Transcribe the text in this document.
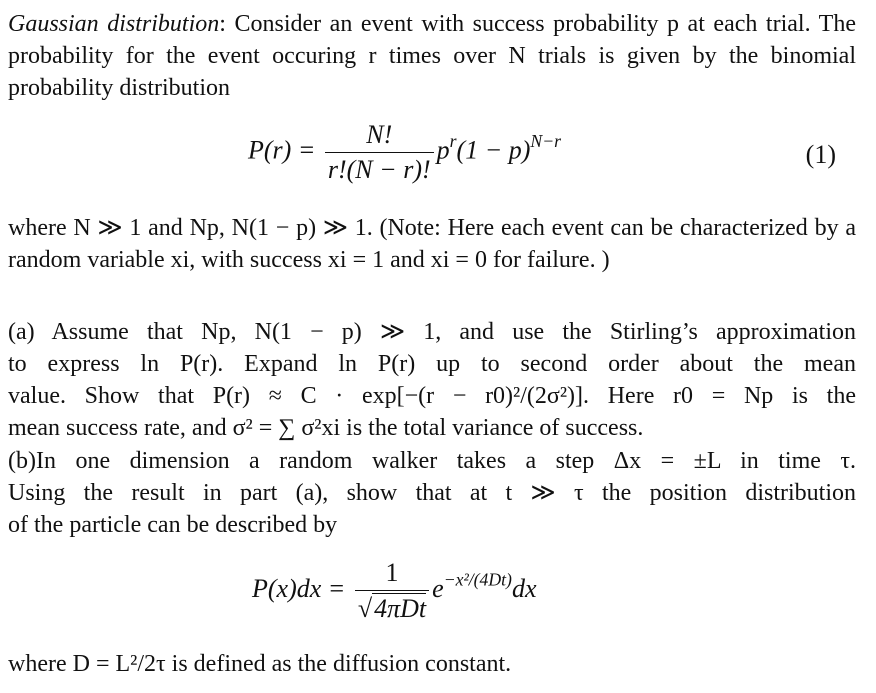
Gaussian distribution: Consider an event with success probability p at each trial. The probability for the event occuring r times over N trials is given by the binomial probability distribution
$P(r) = \frac{N!}{r!(N - r)!} p^r(1 - p)^{N-r}$	(1)
where N ≫ 1 and Np, N(1 − p) ≫ 1. (Note: Here each event can be characterized by a random variable xi, with success xi = 1 and xi = 0 for failure. )
(a) Assume that Np, N(1 − p) ≫ 1, and use the Stirling’s approximation
to express ln P(r). Expand ln P(r) up to second order about the mean
value. Show that P(r) ≈ C · exp[−(r − r0)²/(2σ²)]. Here r0 = Np is the
mean success rate, and σ² = ∑ σ²xi is the total variance of success.
(b)In one dimension a random walker takes a step Δx = ±L in time τ.
Using the result in part (a), show that at t ≫ τ the position distribution
of the particle can be described by
$P(x)dx = \frac{1}{\text{√4πDt}} e^{-x^2/(4Dt)}dx$
where D = L²/2τ is defined as the diffusion constant.
